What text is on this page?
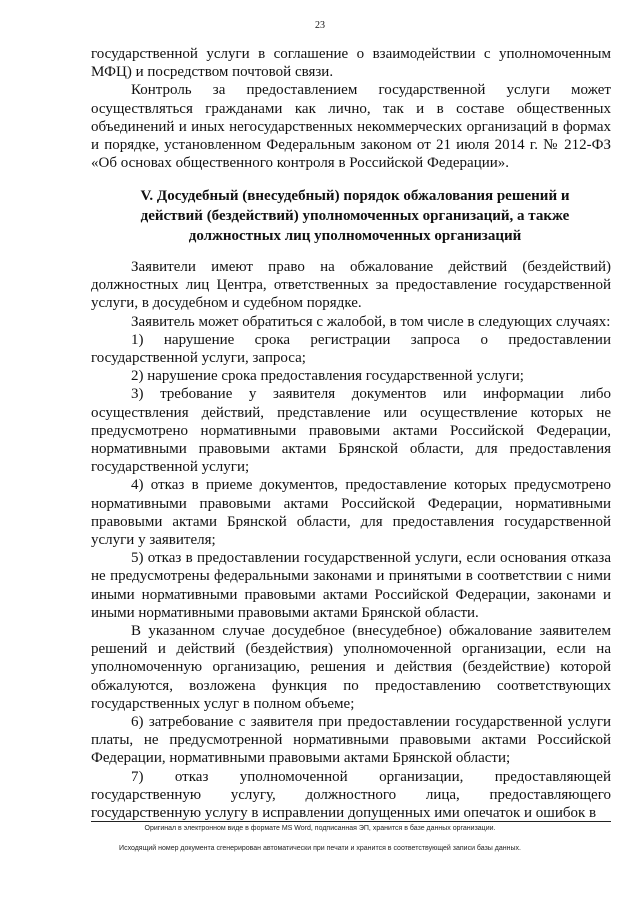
23

государственной услуги в соглашение о взаимодействии с уполномоченным МФЦ) и посредством почтовой связи.

Контроль за предоставлением государственной услуги может осуществляться гражданами как лично, так и в составе общественных объединений и иных негосударственных некоммерческих организаций в формах и порядке, установленном Федеральным законом от 21 июля 2014 г. № 212-ФЗ «Об основах общественного контроля в Российской Федерации».

V. Досудебный (внесудебный) порядок обжалования решений и
действий (бездействий) уполномоченных организаций, а также
должностных лиц уполномоченных организаций

Заявители имеют право на обжалование действий (бездействий) должностных лиц Центра, ответственных за предоставление государственной услуги, в досудебном и судебном порядке.

Заявитель может обратиться с жалобой, в том числе в следующих случаях:

1) нарушение срока регистрации запроса о предоставлении государственной услуги, запроса;

2) нарушение срока предоставления государственной услуги;

3) требование у заявителя документов или информации либо осуществления действий, представление или осуществление которых не предусмотрено нормативными правовыми актами Российской Федерации, нормативными правовыми актами Брянской области, для предоставления государственной услуги;

4) отказ в приеме документов, предоставление которых предусмотрено нормативными правовыми актами Российской Федерации, нормативными правовыми актами Брянской области, для предоставления государственной услуги у заявителя;

5) отказ в предоставлении государственной услуги, если основания отказа не предусмотрены федеральными законами и принятыми в соответствии с ними иными нормативными правовыми актами Российской Федерации, законами и иными нормативными правовыми актами Брянской области.

В указанном случае досудебное (внесудебное) обжалование заявителем решений и действий (бездействия) уполномоченной организации, если на уполномоченную организацию, решения и действия (бездействие) которой обжалуются, возложена функция по предоставлению соответствующих государственных услуг в полном объеме;

6) затребование с заявителя при предоставлении государственной услуги платы, не предусмотренной нормативными правовыми актами Российской Федерации, нормативными правовыми актами Брянской области;

7) отказ уполномоченной организации, предоставляющей государственную услугу, должностного лица, предоставляющего государственную услугу в исправлении допущенных ими опечаток и ошибок в

Оригинал в электронном виде в формате MS Word, подписанная ЭП, хранится в базе данных организации.
Исходящий номер документа сгенерирован автоматически при печати и хранится в соответствующей записи базы данных.
